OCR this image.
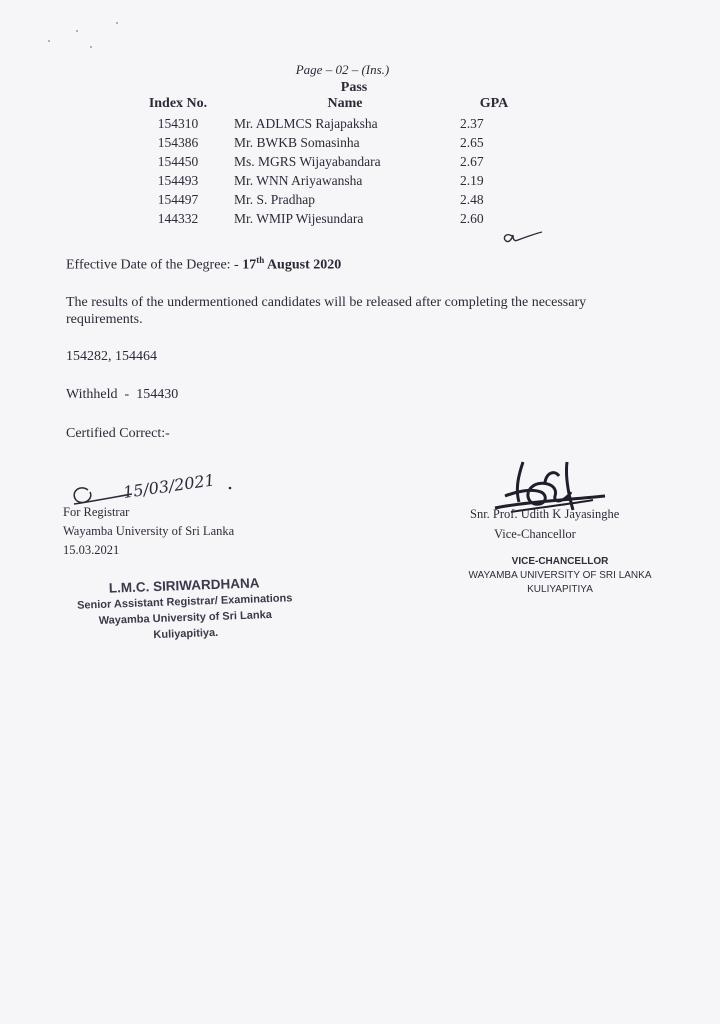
Page – 02 – (Ins.)
Pass
Index No.	Name	GPA
154310	Mr. ADLMCS Rajapaksha	2.37
154386	Mr. BWKB Somasinha	2.65
154450	Ms. MGRS Wijayabandara	2.67
154493	Mr. WNN Ariyawansha	2.19
154497	Mr. S. Pradhap	2.48
144332	Mr. WMIP Wijesundara	2.60
Effective Date of the Degree: - 17th August 2020
The results of the undermentioned candidates will be released after completing the necessary requirements.
154282, 154464
Withheld  -  154430
Certified Correct:-
15/03/2021
For Registrar
Wayamba University of Sri Lanka
15.03.2021
L.M.C. SIRIWARDHANA
Senior Assistant Registrar/ Examinations
Wayamba University of Sri Lanka
Kuliyapitiya.
Snr. Prof. Udith K Jayasinghe
Vice-Chancellor
VICE-CHANCELLOR
WAYAMBA UNIVERSITY OF SRI LANKA
KULIYAPITIYA
